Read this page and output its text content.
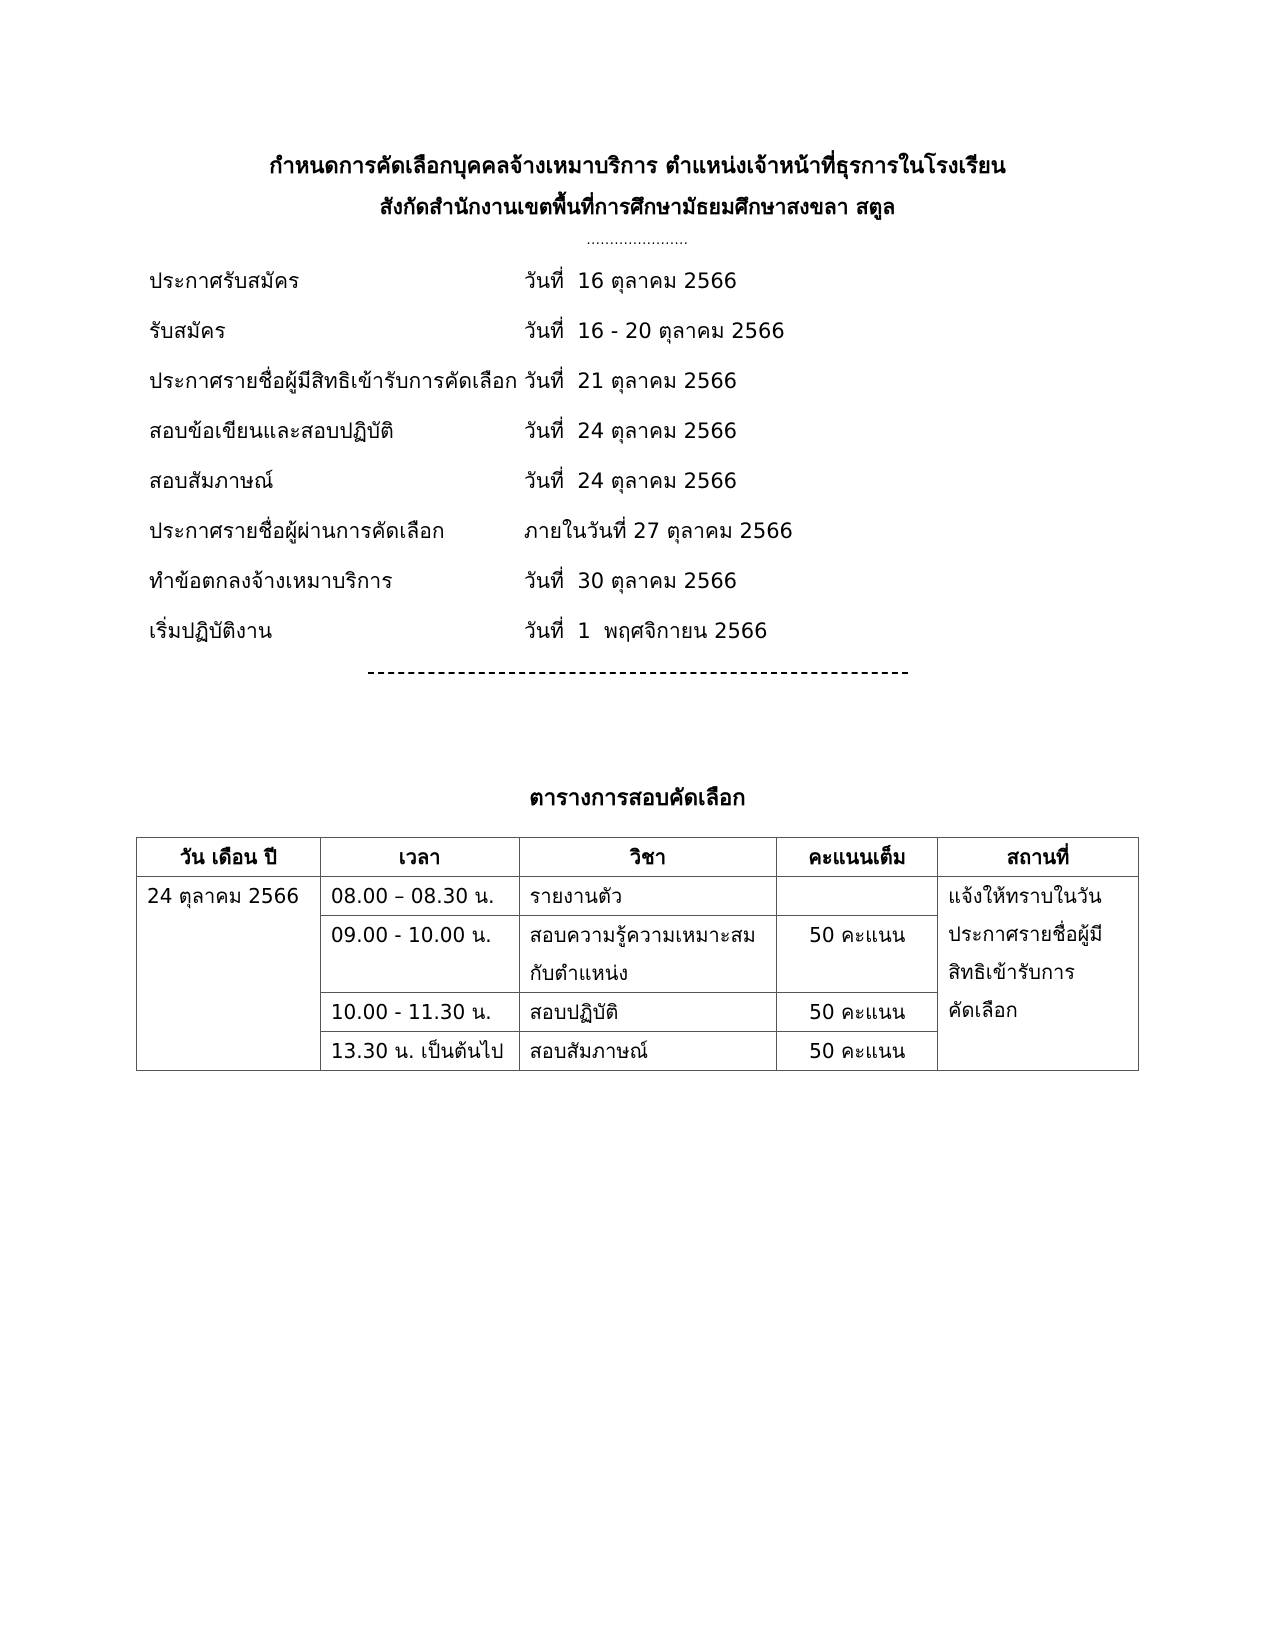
กำหนดการคัดเลือกบุคคลจ้างเหมาบริการ ตำแหน่งเจ้าหน้าที่ธุรการในโรงเรียน
สังกัดสำนักงานเขตพื้นที่การศึกษามัธยมศึกษาสงขลา สตูล
......................
ประกาศรับสมัคร	วันที่  16 ตุลาคม 2566
รับสมัคร	วันที่  16 - 20 ตุลาคม 2566
ประกาศรายชื่อผู้มีสิทธิเข้ารับการคัดเลือก วันที่  21 ตุลาคม 2566
สอบข้อเขียนและสอบปฏิบัติ	วันที่  24 ตุลาคม 2566
สอบสัมภาษณ์	วันที่  24 ตุลาคม 2566
ประกาศรายชื่อผู้ผ่านการคัดเลือก	ภายในวันที่ 27 ตุลาคม 2566
ทำข้อตกลงจ้างเหมาบริการ	วันที่  30 ตุลาคม 2566
เริ่มปฏิบัติงาน	วันที่  1  พฤศจิกายน 2566
ตารางการสอบคัดเลือก
วัน เดือน ปี	เวลา	วิชา	คะแนนเต็ม	สถานที่
24 ตุลาคม 2566	08.00 – 08.30 น.	รายงานตัว		แจ้งให้ทราบในวัน
ประกาศรายชื่อผู้มี
สิทธิเข้ารับการ
คัดเลือก
	09.00 - 10.00 น.	สอบความรู้ความเหมาะสม
กับตำแหน่ง	50 คะแนน	
	10.00 - 11.30 น.	สอบปฏิบัติ	50 คะแนน	
	13.30 น. เป็นต้นไป	สอบสัมภาษณ์	50 คะแนน	
